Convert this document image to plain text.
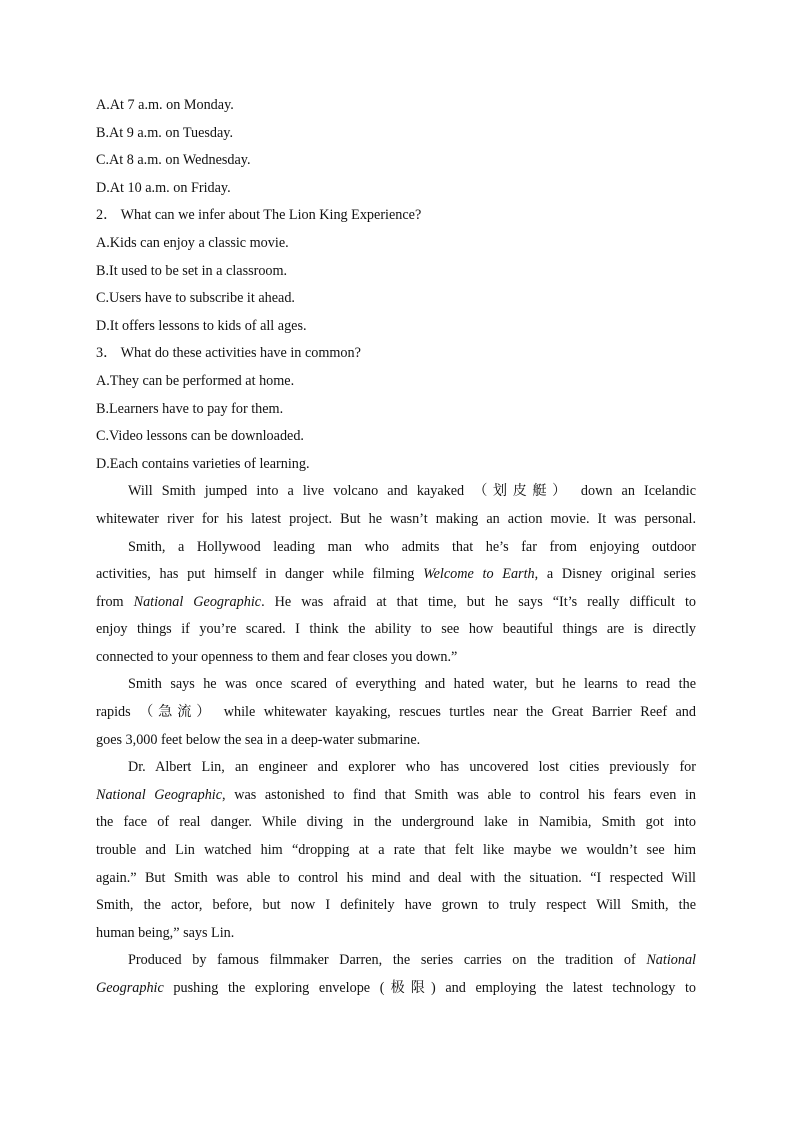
A.At 7 a.m. on Monday.
B.At 9 a.m. on Tuesday.
C.At 8 a.m. on Wednesday.
D.At 10 a.m. on Friday.
2． What can we infer about The Lion King Experience?
A.Kids can enjoy a classic movie.
B.It used to be set in a classroom.
C.Users have to subscribe it ahead.
D.It offers lessons to kids of all ages.
3． What do these activities have in common?
A.They can be performed at home.
B.Learners have to pay for them.
C.Video lessons can be downloaded.
D.Each contains varieties of learning.
Will Smith jumped into a live volcano and kayaked （划皮艇） down an Icelandic
whitewater river for his latest project. But he wasn’t making an action movie. It was personal.
Smith, a Hollywood leading man who admits that he’s far from enjoying outdoor
activities, has put himself in danger while filming Welcome to Earth, a Disney original series
from National Geographic. He was afraid at that time, but he says “It’s really difficult to
enjoy things if you’re scared. I think the ability to see how beautiful things are is directly
connected to your openness to them and fear closes you down.”
Smith says he was once scared of everything and hated water, but he learns to read the
rapids （急流） while whitewater kayaking, rescues turtles near the Great Barrier Reef and
goes 3,000 feet below the sea in a deep-water submarine.
Dr. Albert Lin, an engineer and explorer who has uncovered lost cities previously for
National Geographic, was astonished to find that Smith was able to control his fears even in
the face of real danger. While diving in the underground lake in Namibia, Smith got into
trouble and Lin watched him “dropping at a rate that felt like maybe we wouldn’t see him
again.” But Smith was able to control his mind and deal with the situation. “I respected Will
Smith, the actor, before, but now I definitely have grown to truly respect Will Smith, the
human being,” says Lin.
Produced by famous filmmaker Darren, the series carries on the tradition of National
Geographic pushing the exploring envelope (极限) and employing the latest technology to
